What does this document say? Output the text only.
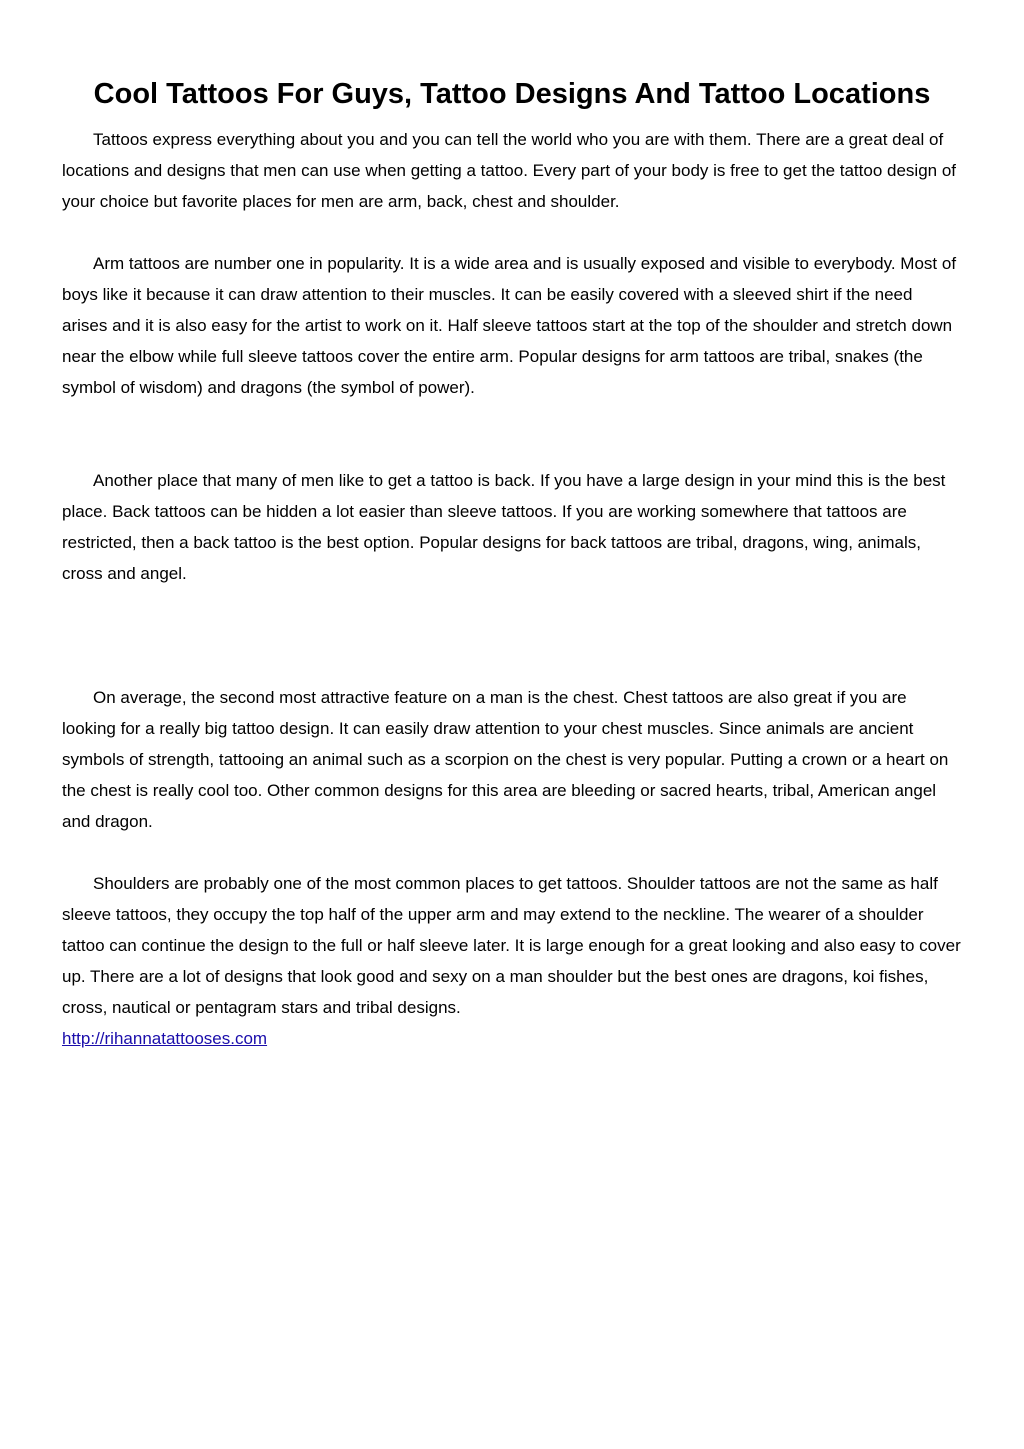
Cool Tattoos For Guys, Tattoo Designs And Tattoo Locations

Tattoos express everything about you and you can tell the world who you are with them. There are a great deal of locations and designs that men can use when getting a tattoo. Every part of your body is free to get the tattoo design of your choice but favorite places for men are arm, back, chest and shoulder.

Arm tattoos are number one in popularity. It is a wide area and is usually exposed and visible to everybody. Most of boys like it because it can draw attention to their muscles. It can be easily covered with a sleeved shirt if the need arises and it is also easy for the artist to work on it. Half sleeve tattoos start at the top of the shoulder and stretch down near the elbow while full sleeve tattoos cover the entire arm. Popular designs for arm tattoos are tribal, snakes (the symbol of wisdom) and dragons (the symbol of power).

Another place that many of men like to get a tattoo is back. If you have a large design in your mind this is the best place. Back tattoos can be hidden a lot easier than sleeve tattoos. If you are working somewhere that tattoos are restricted, then a back tattoo is the best option. Popular designs for back tattoos are tribal, dragons, wing, animals, cross and angel.

On average, the second most attractive feature on a man is the chest. Chest tattoos are also great if you are looking for a really big tattoo design. It can easily draw attention to your chest muscles. Since animals are ancient symbols of strength, tattooing an animal such as a scorpion on the chest is very popular. Putting a crown or a heart on the chest is really cool too. Other common designs for this area are bleeding or sacred hearts, tribal, American angel and dragon.

Shoulders are probably one of the most common places to get tattoos. Shoulder tattoos are not the same as half sleeve tattoos, they occupy the top half of the upper arm and may extend to the neckline. The wearer of a shoulder tattoo can continue the design to the full or half sleeve later. It is large enough for a great looking and also easy to cover up. There are a lot of designs that look good and sexy on a man shoulder but the best ones are dragons, koi fishes, cross, nautical or pentagram stars and tribal designs.
http://rihannatattooses.com
